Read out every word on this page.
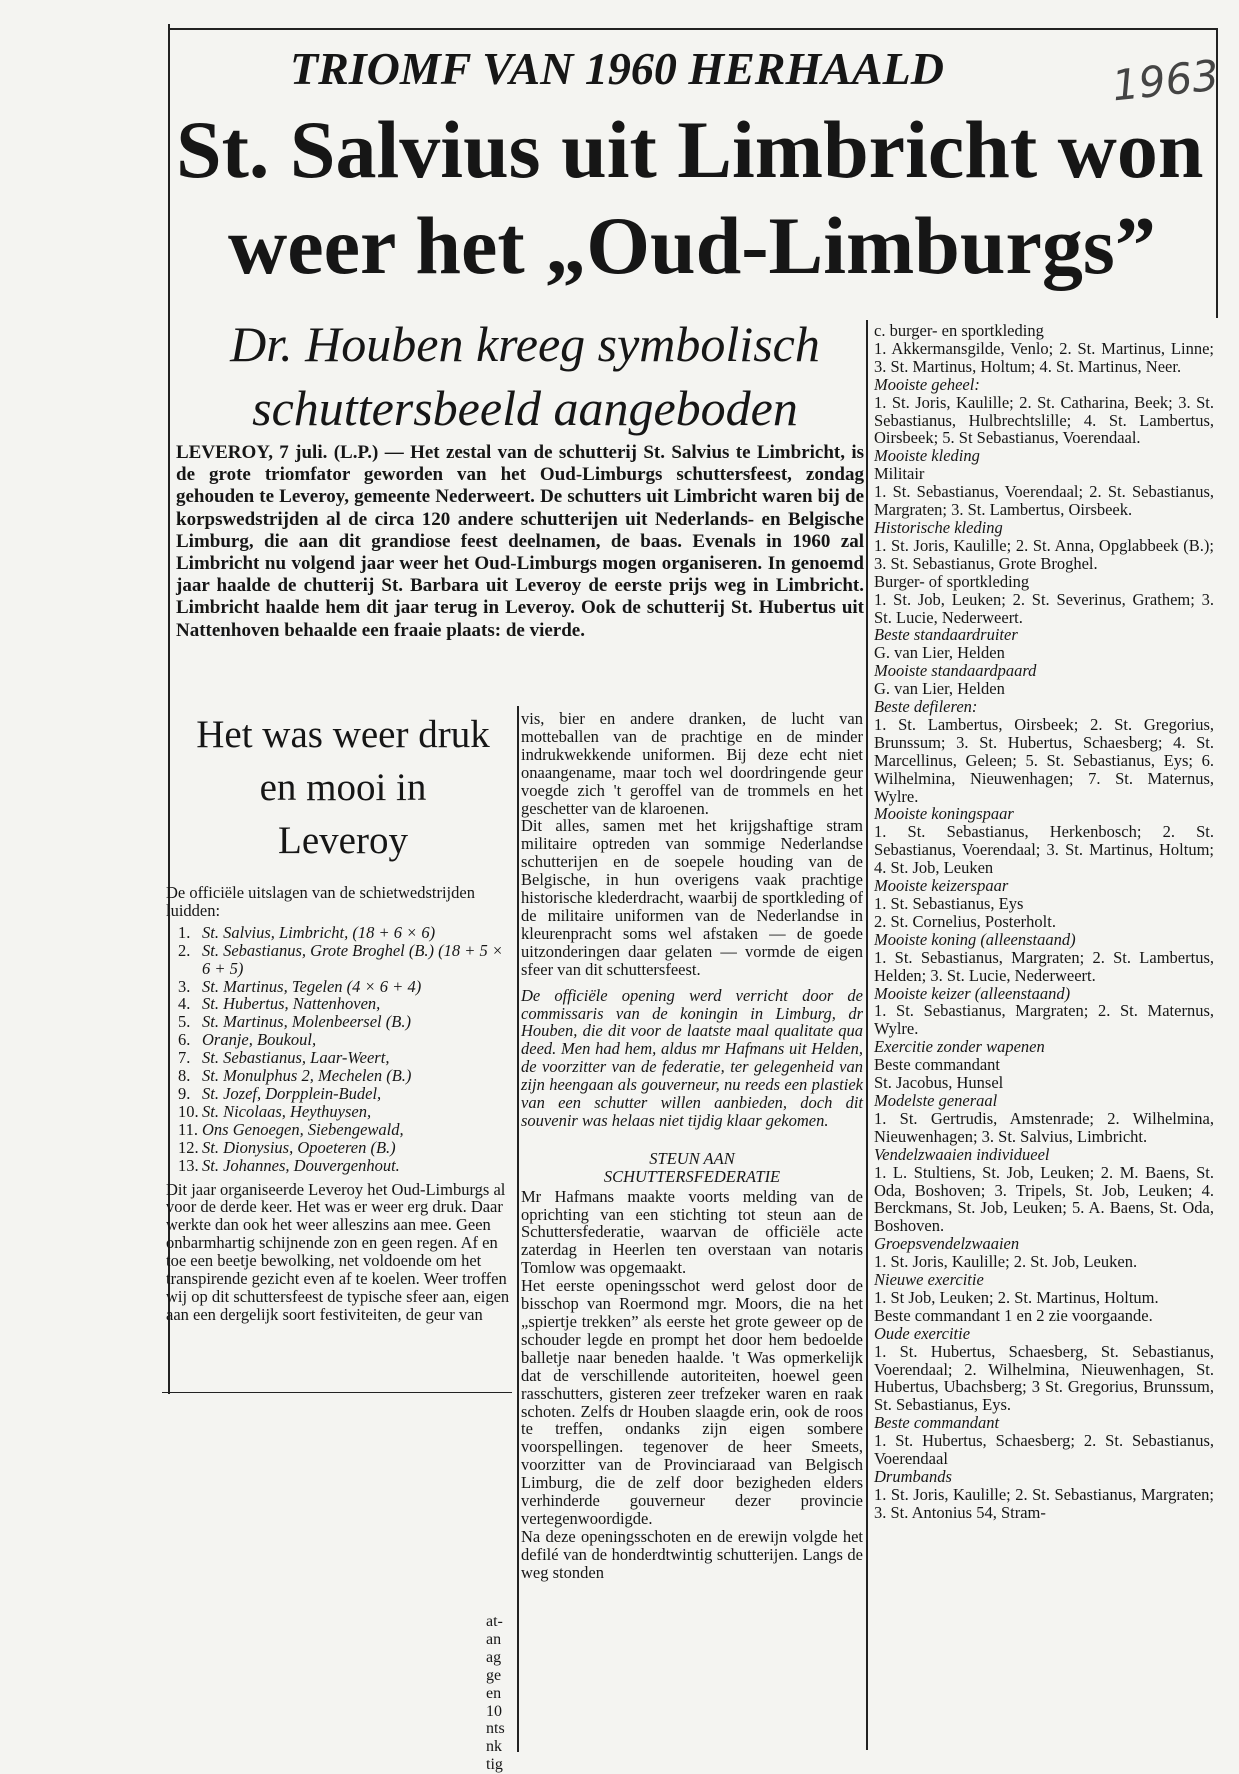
TRIOMF VAN 1960 HERHAALD	1963
St. Salvius uit Limbricht won
weer het „Oud-Limburgs”
Dr. Houben kreeg symbolisch
schuttersbeeld aangeboden
LEVEROY, 7 juli. (L.P.) — Het zestal van de schutterij St. Salvius te Limbricht, is de grote triomfator geworden van het Oud-Limburgs schuttersfeest, zondag gehouden te Leveroy, gemeente Nederweert. De schutters uit Limbricht waren bij de korpswedstrijden al de circa 120 andere schutterijen uit Nederlands- en Belgische Limburg, die aan dit grandiose feest deelnamen, de baas. Evenals in 1960 zal Limbricht nu volgend jaar weer het Oud-Limburgs mogen organiseren. In genoemd jaar haalde de chutterij St. Barbara uit Leveroy de eerste prijs weg in Limbricht. Limbricht haalde hem dit jaar terug in Leveroy. Ook de schutterij St. Hubertus uit Nattenhoven behaalde een fraaie plaats: de vierde.
Het was weer druk
en mooi in
Leveroy

De officiële uitslagen van de schietwedstrijden luidden:

1. St. Salvius, Limbricht, (18 + 6 × 6)
2. St. Sebastianus, Grote Broghel (B.) (18 + 5 × 6 + 5)
3. St. Martinus, Tegelen (4 × 6 + 4)
4. St. Hubertus, Nattenhoven,
5. St. Martinus, Molenbeersel (B.)
6. Oranje, Boukoul,
7. St. Sebastianus, Laar-Weert,
8. St. Monulphus 2, Mechelen (B.)
9. St. Jozef, Dorpplein-Budel,
10. St. Nicolaas, Heythuysen,
11. Ons Genoegen, Siebengewald,
12. St. Dionysius, Opoeteren (B.)
13. St. Johannes, Douvergenhout.

Dit jaar organiseerde Leveroy het Oud-Limburgs al voor de derde keer. Het was er weer erg druk. Daar werkte dan ook het weer alleszins aan mee. Geen onbarmhartig schijnende zon en geen regen. Af en toe een beetje bewolking, net voldoende om het transpirende gezicht even af te koelen. Weer troffen wij op dit schuttersfeest de typische sfeer aan, eigen aan een dergelijk soort festiviteiten, de geur van

vis, bier en andere dranken, de lucht van motteballen van de prachtige en de minder indrukwekkende uniformen. Bij deze echt niet onaangename, maar toch wel doordringende geur voegde zich 't geroffel van de trommels en het geschetter van de klaroenen.

Dit alles, samen met het krijgshaftige stram militaire optreden van sommige Nederlandse schutterijen en de soepele houding van de Belgische, in hun overigens vaak prachtige historische klederdracht, waarbij de sportkleding of de militaire uniformen van de Nederlandse in kleurenpracht soms wel afstaken — de goede uitzonderingen daar gelaten — vormde de eigen sfeer van dit schuttersfeest.

De officiële opening werd verricht door de commissaris van de koningin in Limburg, dr Houben, die dit voor de laatste maal qualitate qua deed. Men had hem, aldus mr Hafmans uit Helden, de voorzitter van de federatie, ter gelegenheid van zijn heengaan als gouverneur, nu reeds een plastiek van een schutter willen aanbieden, doch dit souvenir was helaas niet tijdig klaar gekomen.

STEUN AAN
SCHUTTERSFEDERATIE

Mr Hafmans maakte voorts melding van de oprichting van een stichting tot steun aan de Schuttersfederatie, waarvan de officiële acte zaterdag in Heerlen ten overstaan van notaris Tomlow was opgemaakt.

Het eerste openingsschot werd gelost door de bisschop van Roermond mgr. Moors, die na het „spiertje trekken” als eerste het grote geweer op de schouder legde en prompt het door hem bedoelde balletje naar beneden haalde. 't Was opmerkelijk dat de verschillende autoriteiten, hoewel geen rasschutters, gisteren zeer trefzeker waren en raak schoten. Zelfs dr Houben slaagde erin, ook de roos te treffen, ondanks zijn eigen sombere voorspellingen. tegenover de heer Smeets, voorzitter van de Provinciaraad van Belgisch Limburg, die de zelf door bezigheden elders verhinderde gouverneur dezer provincie vertegenwoordigde.

Na deze openingsschoten en de erewijn volgde het defilé van de honderdtwintig schutterijen. Langs de weg stonden

c. burger- en sportkleding

1. Akkermansgilde, Venlo; 2. St. Martinus, Linne; 3. St. Martinus, Holtum; 4. St. Martinus, Neer.

Mooiste geheel:

1. St. Joris, Kaulille; 2. St. Catharina, Beek; 3. St. Sebastianus, Hulbrechtslille; 4. St. Lambertus, Oirsbeek; 5. St Sebastianus, Voerendaal.

Mooiste kleding

Militair

1. St. Sebastianus, Voerendaal; 2. St. Sebastianus, Margraten; 3. St. Lambertus, Oirsbeek.

Historische kleding

1. St. Joris, Kaulille; 2. St. Anna, Opglabbeek (B.); 3. St. Sebastianus, Grote Broghel.

Burger- of sportkleding

1. St. Job, Leuken; 2. St. Severinus, Grathem; 3. St. Lucie, Nederweert.

Beste standaardruiter

G. van Lier, Helden

Mooiste standaardpaard

G. van Lier, Helden

Beste defileren:

1. St. Lambertus, Oirsbeek; 2. St. Gregorius, Brunssum; 3. St. Hubertus, Schaesberg; 4. St. Marcellinus, Geleen; 5. St. Sebastianus, Eys; 6. Wilhelmina, Nieuwenhagen; 7. St. Maternus, Wylre.

Mooiste koningspaar

1. St. Sebastianus, Herkenbosch; 2. St. Sebastianus, Voerendaal; 3. St. Martinus, Holtum; 4. St. Job, Leuken

Mooiste keizerspaar

1. St. Sebastianus, Eys

2. St. Cornelius, Posterholt.

Mooiste koning (alleenstaand)

1. St. Sebastianus, Margraten; 2. St. Lambertus, Helden; 3. St. Lucie, Nederweert.

Mooiste keizer (alleenstaand)

1. St. Sebastianus, Margraten; 2. St. Maternus, Wylre.

Exercitie zonder wapenen

Beste commandant

St. Jacobus, Hunsel

Modelste generaal

1. St. Gertrudis, Amstenrade; 2. Wilhelmina, Nieuwenhagen; 3. St. Salvius, Limbricht.

Vendelzwaaien individueel

1. L. Stultiens, St. Job, Leuken; 2. M. Baens, St. Oda, Boshoven; 3. Tripels, St. Job, Leuken; 4. Berckmans, St. Job, Leuken; 5. A. Baens, St. Oda, Boshoven.

Groepsvendelzwaaien

1. St. Joris, Kaulille; 2. St. Job, Leuken.

Nieuwe exercitie

1. St Job, Leuken; 2. St. Martinus, Holtum.

Beste commandant 1 en 2 zie voorgaande.

Oude exercitie

1. St. Hubertus, Schaesberg, St. Sebastianus, Voerendaal; 2. Wilhelmina, Nieuwenhagen, St. Hubertus, Ubachsberg; 3 St. Gregorius, Brunssum, St. Sebastianus, Eys.

Beste commandant

1. St. Hubertus, Schaesberg; 2. St. Sebastianus, Voerendaal

Drumbands

1. St. Joris, Kaulille; 2. St. Sebastianus, Margraten; 3. St. Antonius 54, Stram-

at-
an
ag
ge
en
10
nts
nk
tig
